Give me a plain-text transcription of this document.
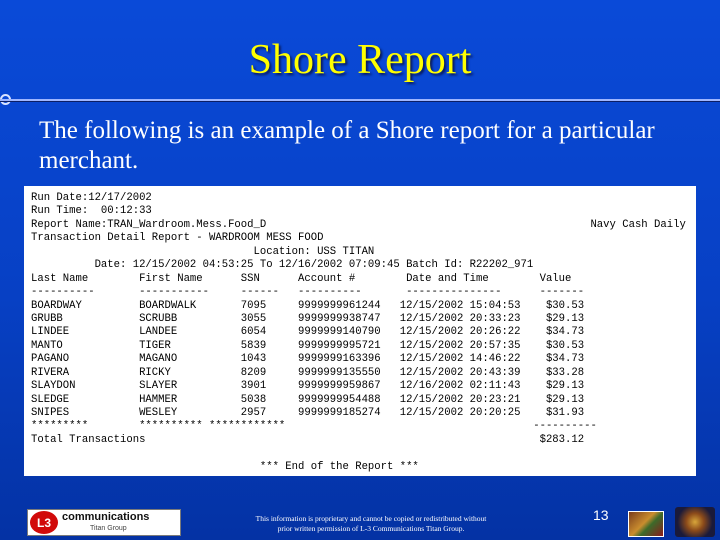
Shore Report
The following is an example of a Shore report for a particular merchant.
Run Date:12/17/2002
Run Time:  00:12:33
Report Name:TRAN_Wardroom.Mess.Food_D                                                   Navy Cash Daily
Transaction Detail Report - WARDROOM MESS FOOD
Location: USS TITAN
Date: 12/15/2002 04:53:25 To 12/16/2002 07:09:45 Batch Id: R22202_971
Last Name        First Name      SSN      Account #        Date and Time        Value
----------       -----------     ------   ----------       ---------------      -------
BOARDWAY         BOARDWALK       7095     9999999961244   12/15/2002 15:04:53    $30.53
GRUBB            SCRUBB          3055     9999999938747   12/15/2002 20:33:23    $29.13
LINDEE           LANDEE          6054     9999999140790   12/15/2002 20:26:22    $34.73
MANTO            TIGER           5839     9999999995721   12/15/2002 20:57:35    $30.53
PAGANO           MAGANO          1043     9999999163396   12/15/2002 14:46:22    $34.73
RIVERA           RICKY           8209     9999999135550   12/15/2002 20:43:39    $33.28
SLAYDON          SLAYER          3901     9999999959867   12/16/2002 02:11:43    $29.13
SLEDGE           HAMMER          5038     9999999954488   12/15/2002 20:23:21    $29.13
SNIPES           WESLEY          2957     9999999185274   12/15/2002 20:20:25    $31.93
*********        ********** ************                                       ----------
Total Transactions                                                              $283.12
*** End of the Report ***
L3	communications
Titan Group
This information is proprietary and cannot be copied or redistributed without
prior written permission of L-3 Communications Titan Group.
13
